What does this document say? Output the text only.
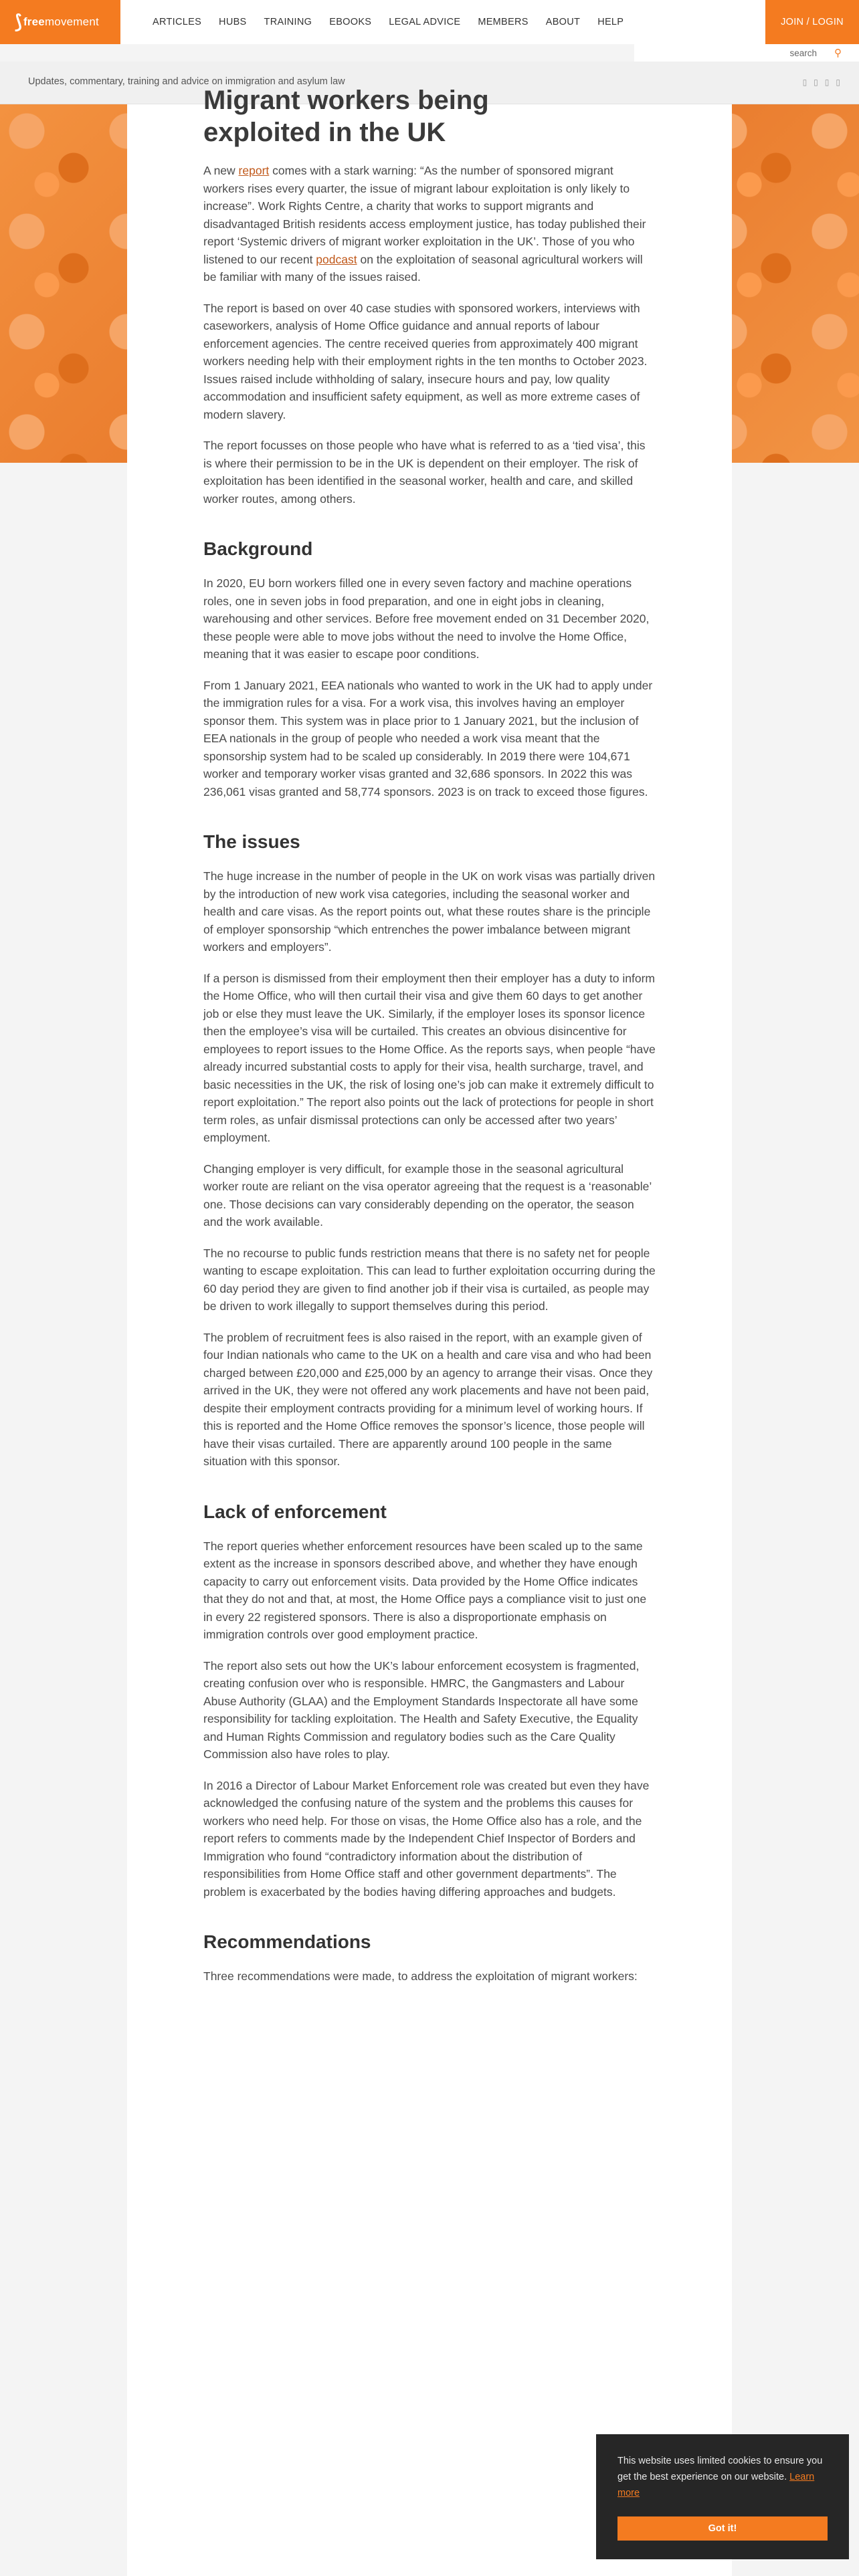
⟆ freemovement	ARTICLES HUBS TRAINING EBOOKS LEGAL ADVICE MEMBERS ABOUT HELP	JOIN / LOGIN
search ⚲
Updates, commentary, training and advice on immigration and asylum law	▯ ▯ ▯ ▯
Migrant workers being
exploited in the UK

A new report comes with a stark warning: “As the number of sponsored migrant workers rises every quarter, the issue of migrant labour exploitation is only likely to increase”. Work Rights Centre, a charity that works to support migrants and disadvantaged British residents access employment justice, has today published their report ‘Systemic drivers of migrant worker exploitation in the UK’. Those of you who listened to our recent podcast on the exploitation of seasonal agricultural workers will be familiar with many of the issues raised.

The report is based on over 40 case studies with sponsored workers, interviews with caseworkers, analysis of Home Office guidance and annual reports of labour enforcement agencies. The centre received queries from approximately 400 migrant workers needing help with their employment rights in the ten months to October 2023. Issues raised include withholding of salary, insecure hours and pay, low quality accommodation and insufficient safety equipment, as well as more extreme cases of modern slavery.

The report focusses on those people who have what is referred to as a ‘tied visa’, this is where their permission to be in the UK is dependent on their employer. The risk of exploitation has been identified in the seasonal worker, health and care, and skilled worker routes, among others.

Background

In 2020, EU born workers filled one in every seven factory and machine operations roles, one in seven jobs in food preparation, and one in eight jobs in cleaning, warehousing and other services. Before free movement ended on 31 December 2020, these people were able to move jobs without the need to involve the Home Office, meaning that it was easier to escape poor conditions.

From 1 January 2021, EEA nationals who wanted to work in the UK had to apply under the immigration rules for a visa. For a work visa, this involves having an employer sponsor them. This system was in place prior to 1 January 2021, but the inclusion of EEA nationals in the group of people who needed a work visa meant that the sponsorship system had to be scaled up considerably. In 2019 there were 104,671 worker and temporary worker visas granted and 32,686 sponsors. In 2022 this was 236,061 visas granted and 58,774 sponsors. 2023 is on track to exceed those figures.

The issues

The huge increase in the number of people in the UK on work visas was partially driven by the introduction of new work visa categories, including the seasonal worker and health and care visas. As the report points out, what these routes share is the principle of employer sponsorship “which entrenches the power imbalance between migrant workers and employers”.

If a person is dismissed from their employment then their employer has a duty to inform the Home Office, who will then curtail their visa and give them 60 days to get another job or else they must leave the UK. Similarly, if the employer loses its sponsor licence then the employee’s visa will be curtailed. This creates an obvious disincentive for employees to report issues to the Home Office. As the reports says, when people “have already incurred substantial costs to apply for their visa, health surcharge, travel, and basic necessities in the UK, the risk of losing one’s job can make it extremely difficult to report exploitation.” The report also points out the lack of protections for people in short term roles, as unfair dismissal protections can only be accessed after two years’ employment.

Changing employer is very difficult, for example those in the seasonal agricultural worker route are reliant on the visa operator agreeing that the request is a ‘reasonable’ one. Those decisions can vary considerably depending on the operator, the season and the work available.

The no recourse to public funds restriction means that there is no safety net for people wanting to escape exploitation. This can lead to further exploitation occurring during the 60 day period they are given to find another job if their visa is curtailed, as people may be driven to work illegally to support themselves during this period.

The problem of recruitment fees is also raised in the report, with an example given of four Indian nationals who came to the UK on a health and care visa and who had been charged between £20,000 and £25,000 by an agency to arrange their visas. Once they arrived in the UK, they were not offered any work placements and have not been paid, despite their employment contracts providing for a minimum level of working hours. If this is reported and the Home Office removes the sponsor’s licence, those people will have their visas curtailed. There are apparently around 100 people in the same situation with this sponsor.

Lack of enforcement

The report queries whether enforcement resources have been scaled up to the same extent as the increase in sponsors described above, and whether they have enough capacity to carry out enforcement visits. Data provided by the Home Office indicates that they do not and that, at most, the Home Office pays a compliance visit to just one in every 22 registered sponsors. There is also a disproportionate emphasis on immigration controls over good employment practice.

The report also sets out how the UK’s labour enforcement ecosystem is fragmented, creating confusion over who is responsible. HMRC, the Gangmasters and Labour Abuse Authority (GLAA) and the Employment Standards Inspectorate all have some responsibility for tackling exploitation. The Health and Safety Executive, the Equality and Human Rights Commission and regulatory bodies such as the Care Quality Commission also have roles to play.

In 2016 a Director of Labour Market Enforcement role was created but even they have acknowledged the confusing nature of the system and the problems this causes for workers who need help. For those on visas, the Home Office also has a role, and the report refers to comments made by the Independent Chief Inspector of Borders and Immigration who found “contradictory information about the distribution of responsibilities from Home Office staff and other government departments”. The problem is exacerbated by the bodies having differing approaches and budgets.

Recommendations

Three recommendations were made, to address the exploitation of migrant workers:

This website uses limited cookies to ensure you get the best experience on our website. Learn more
Got it!
